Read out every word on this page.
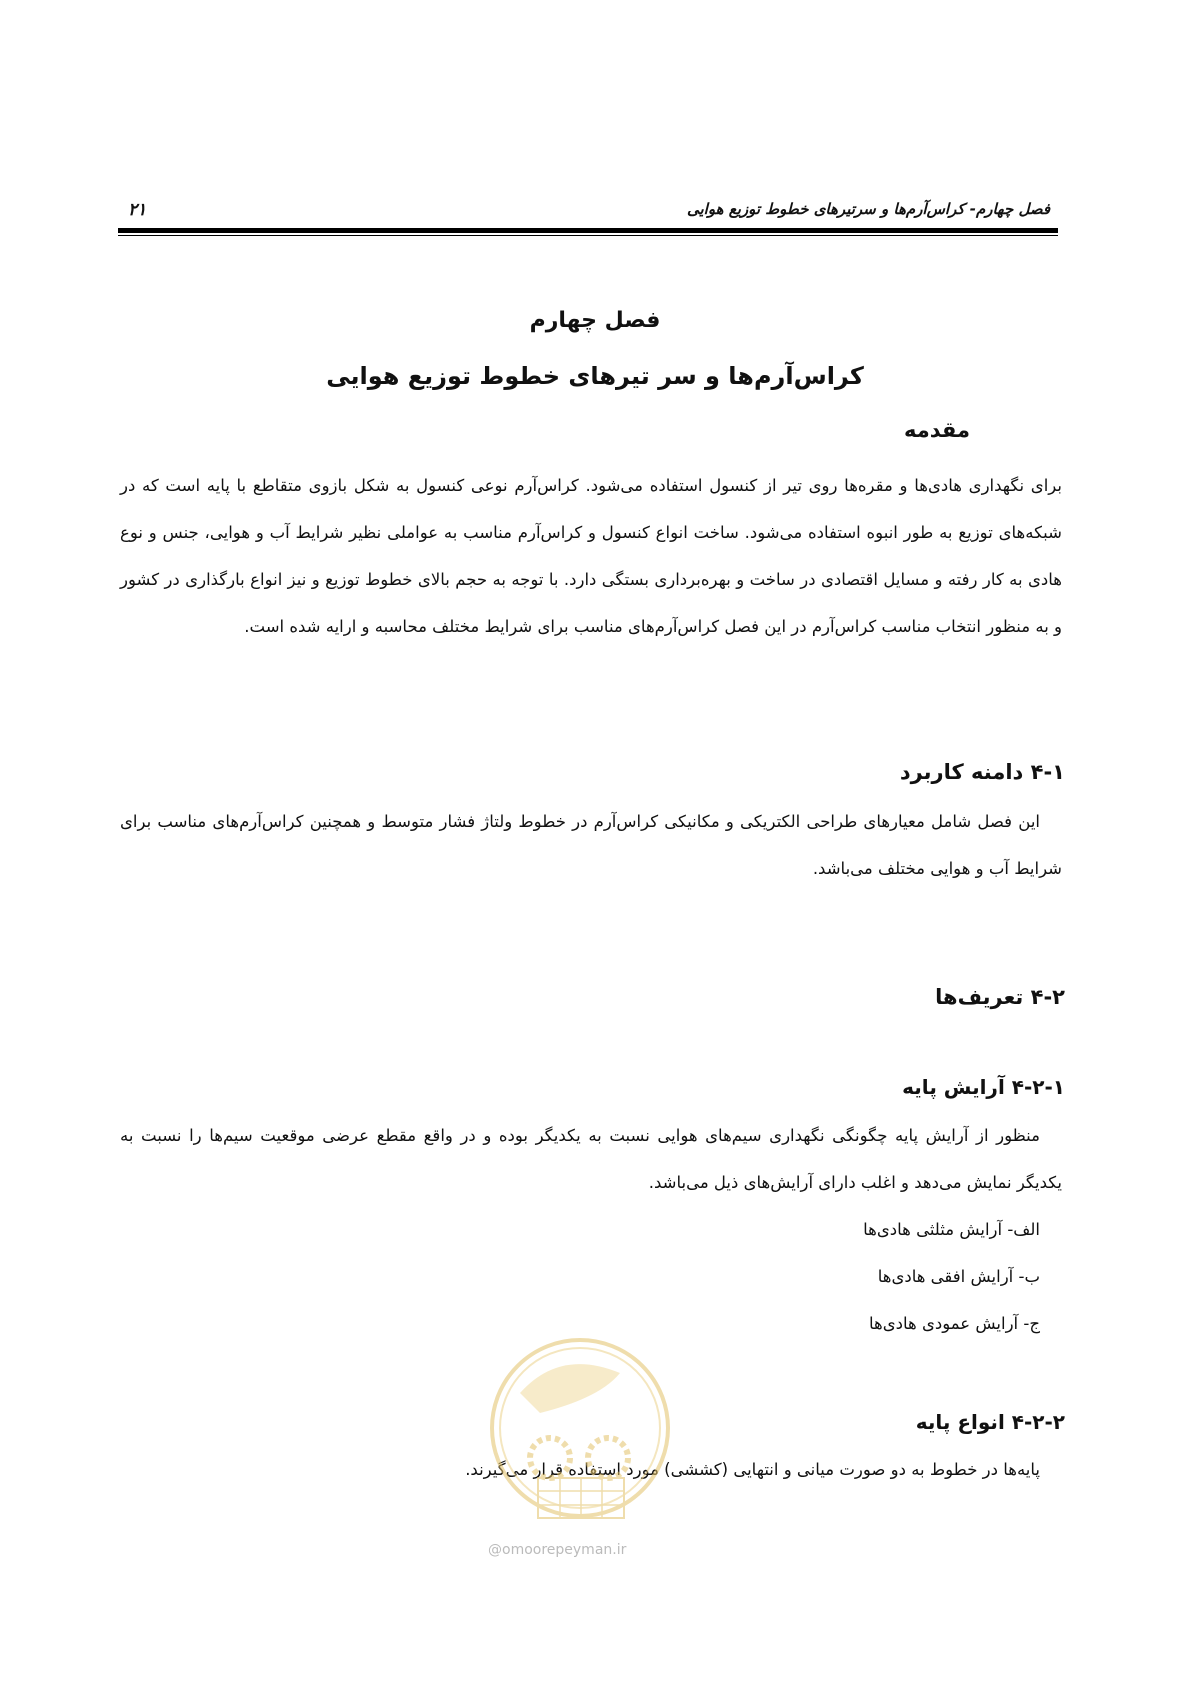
فصل چهارم- کراس‌آرم‌ها و سرتیرهای خطوط توزیع هوایی
۲۱
فصل چهارم
کراس‌آرم‌ها و سر تیرهای خطوط توزیع هوایی
مقدمه
برای نگهداری هادی‌ها و مقره‌ها روی تیر از کنسول استفاده می‌شود. کراس‌آرم نوعی کنسول به شکل بازوی متقاطع با پایه است که در شبکه‌های توزیع به طور انبوه استفاده می‌شود. ساخت انواع کنسول و کراس‌آرم مناسب به عواملی نظیر شرایط آب و هوایی، جنس و نوع هادی به کار رفته و مسایل اقتصادی در ساخت و بهره‌برداری بستگی دارد. با توجه به حجم بالای خطوط توزیع و نیز انواع بارگذاری در کشور و به منظور انتخاب مناسب کراس‌آرم در این فصل کراس‌آرم‌های مناسب برای شرایط مختلف محاسبه و ارایه شده است.
۴-۱ دامنه کاربرد
این فصل شامل معیارهای طراحی الکتریکی و مکانیکی کراس‌آرم در خطوط ولتاژ فشار متوسط و همچنین کراس‌آرم‌های مناسب برای شرایط آب و هوایی مختلف می‌باشد.
۴-۲ تعریف‌ها
۴-۲-۱ آرایش پایه
منظور از آرایش پایه چگونگی نگهداری سیم‌های هوایی نسبت به یکدیگر بوده و در واقع مقطع عرضی موقعیت سیم‌ها را نسبت به یکدیگر نمایش می‌دهد و اغلب دارای آرایش‌های ذیل می‌باشد.
الف- آرایش مثلثی هادی‌ها
ب- آرایش افقی هادی‌ها
ج- آرایش عمودی هادی‌ها
۴-۲-۲ انواع پایه
پایه‌ها در خطوط به دو صورت میانی و انتهایی (کششی) مورد استفاده قرار می‌گیرند.
@omoorepeyman.ir
